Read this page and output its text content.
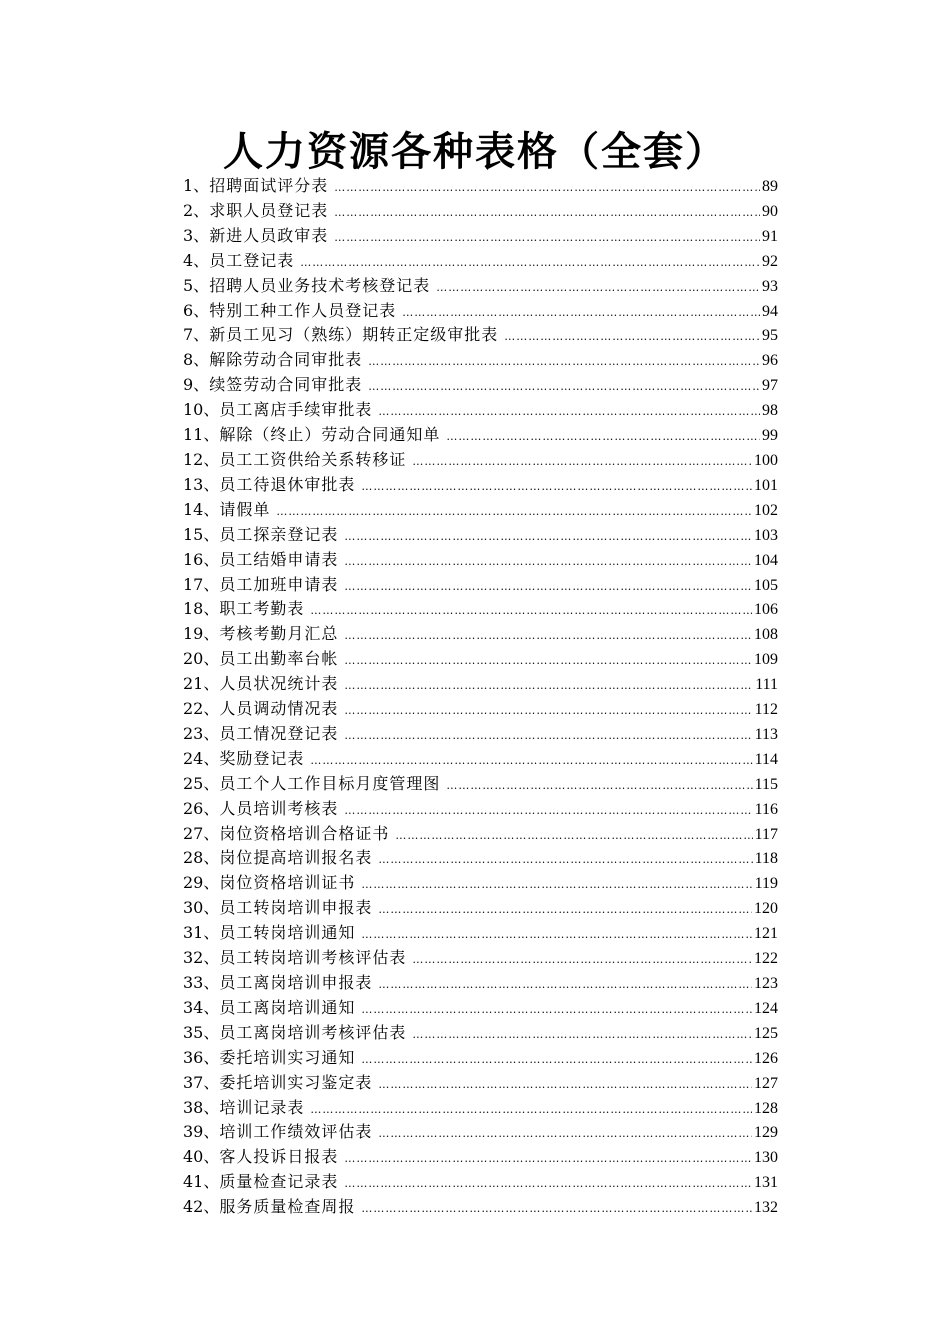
人力资源各种表格（全套）
1、 招聘面试评分表 ……………………………………………………………………………………………………………………………………………………………………	89
2、 求职人员登记表 ……………………………………………………………………………………………………………………………………………………………………	90
3、 新进人员政审表 ……………………………………………………………………………………………………………………………………………………………………	91
4、 员工登记表 ……………………………………………………………………………………………………………………………………………………………………	92
5、 招聘人员业务技术考核登记表 ……………………………………………………………………………………………………………………………………………………………………	93
6、 特别工种工作人员登记表 ……………………………………………………………………………………………………………………………………………………………………	94
7、 新员工见习（熟练）期转正定级审批表 ……………………………………………………………………………………………………………………………………………………………………	95
8、 解除劳动合同审批表 ……………………………………………………………………………………………………………………………………………………………………	96
9、 续签劳动合同审批表 ……………………………………………………………………………………………………………………………………………………………………	97
10、 员工离店手续审批表 ……………………………………………………………………………………………………………………………………………………………………	98
11、 解除（终止）劳动合同通知单 ……………………………………………………………………………………………………………………………………………………………………	99
12、 员工工资供给关系转移证 ……………………………………………………………………………………………………………………………………………………………………	100
13、 员工待退休审批表 ……………………………………………………………………………………………………………………………………………………………………	101
14、 请假单 ……………………………………………………………………………………………………………………………………………………………………	102
15、 员工探亲登记表 ……………………………………………………………………………………………………………………………………………………………………	103
16、 员工结婚申请表 ……………………………………………………………………………………………………………………………………………………………………	104
17、 员工加班申请表 ……………………………………………………………………………………………………………………………………………………………………	105
18、 职工考勤表 ……………………………………………………………………………………………………………………………………………………………………	106
19、 考核考勤月汇总 ……………………………………………………………………………………………………………………………………………………………………	108
20、 员工出勤率台帐 ……………………………………………………………………………………………………………………………………………………………………	109
21、 人员状况统计表 ……………………………………………………………………………………………………………………………………………………………………	111
22、 人员调动情况表 ……………………………………………………………………………………………………………………………………………………………………	112
23、 员工情况登记表 ……………………………………………………………………………………………………………………………………………………………………	113
24、 奖励登记表 ……………………………………………………………………………………………………………………………………………………………………	114
25、 员工个人工作目标月度管理图 ……………………………………………………………………………………………………………………………………………………………………	115
26、 人员培训考核表 ……………………………………………………………………………………………………………………………………………………………………	116
27、 岗位资格培训合格证书 ……………………………………………………………………………………………………………………………………………………………………	117
28、 岗位提高培训报名表 ……………………………………………………………………………………………………………………………………………………………………	118
29、 岗位资格培训证书 ……………………………………………………………………………………………………………………………………………………………………	119
30、 员工转岗培训申报表 ……………………………………………………………………………………………………………………………………………………………………	120
31、 员工转岗培训通知 ……………………………………………………………………………………………………………………………………………………………………	121
32、 员工转岗培训考核评估表 ……………………………………………………………………………………………………………………………………………………………………	122
33、 员工离岗培训申报表 ……………………………………………………………………………………………………………………………………………………………………	123
34、 员工离岗培训通知 ……………………………………………………………………………………………………………………………………………………………………	124
35、 员工离岗培训考核评估表 ……………………………………………………………………………………………………………………………………………………………………	125
36、 委托培训实习通知 ……………………………………………………………………………………………………………………………………………………………………	126
37、 委托培训实习鉴定表 ……………………………………………………………………………………………………………………………………………………………………	127
38、 培训记录表 ……………………………………………………………………………………………………………………………………………………………………	128
39、 培训工作绩效评估表 ……………………………………………………………………………………………………………………………………………………………………	129
40、 客人投诉日报表 ……………………………………………………………………………………………………………………………………………………………………	130
41、 质量检查记录表 ……………………………………………………………………………………………………………………………………………………………………	131
42、 服务质量检查周报 ……………………………………………………………………………………………………………………………………………………………………	132
